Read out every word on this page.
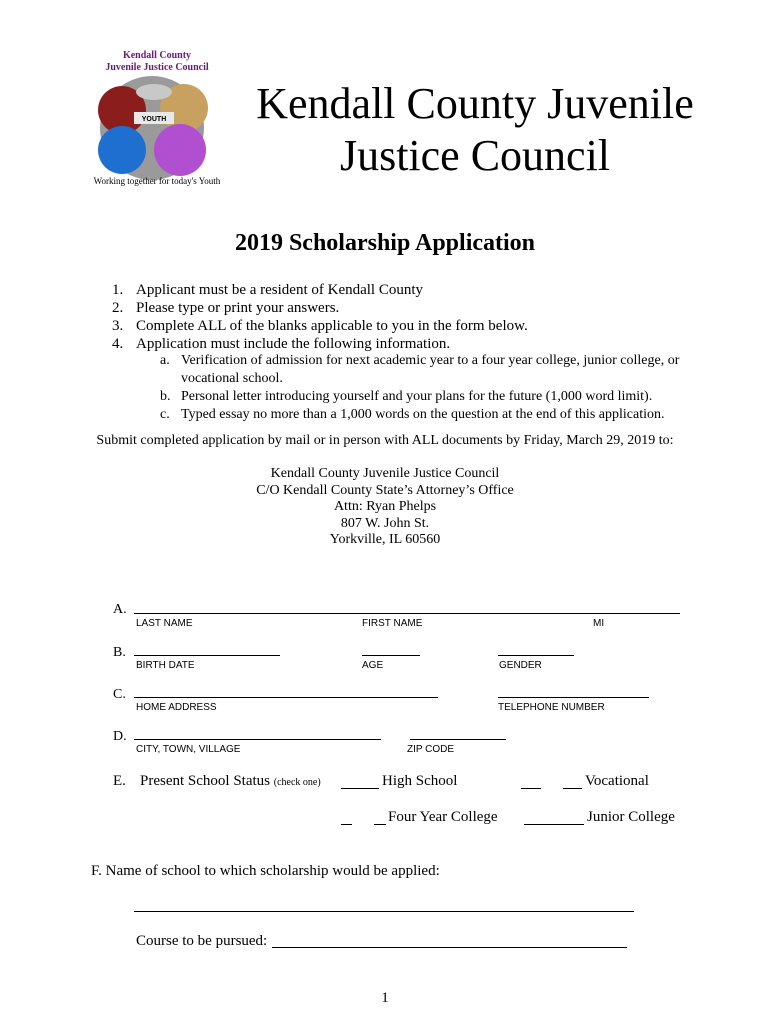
Kendall County
Juvenile Justice Council
YOUTH
Working together for today's Youth
Kendall County Juvenile
Justice Council
2019 Scholarship Application
1. Applicant must be a resident of Kendall County
2. Please type or print your answers.
3. Complete ALL of the blanks applicable to you in the form below.
4. Application must include the following information.
a. Verification of admission for next academic year to a four year college, junior college, or
vocational school.
b. Personal letter introducing yourself and your plans for the future (1,000 word limit).
c. Typed essay no more than a 1,000 words on the question at the end of this application.
Submit completed application by mail or in person with ALL documents by Friday, March 29, 2019 to:
Kendall County Juvenile Justice Council
C/O Kendall County State’s Attorney’s Office
Attn: Ryan Phelps
807 W. John St.
Yorkville, IL 60560
A.
LAST NAME	FIRST NAME	MI
B.
BIRTH DATE	AGE	GENDER
C.
HOME ADDRESS	TELEPHONE NUMBER
D.
CITY, TOWN, VILLAGE	ZIP CODE
E. Present School Status (check one)	High School	Vocational
Four Year College	Junior College
F. Name of school to which scholarship would be applied:
Course to be pursued:
1
